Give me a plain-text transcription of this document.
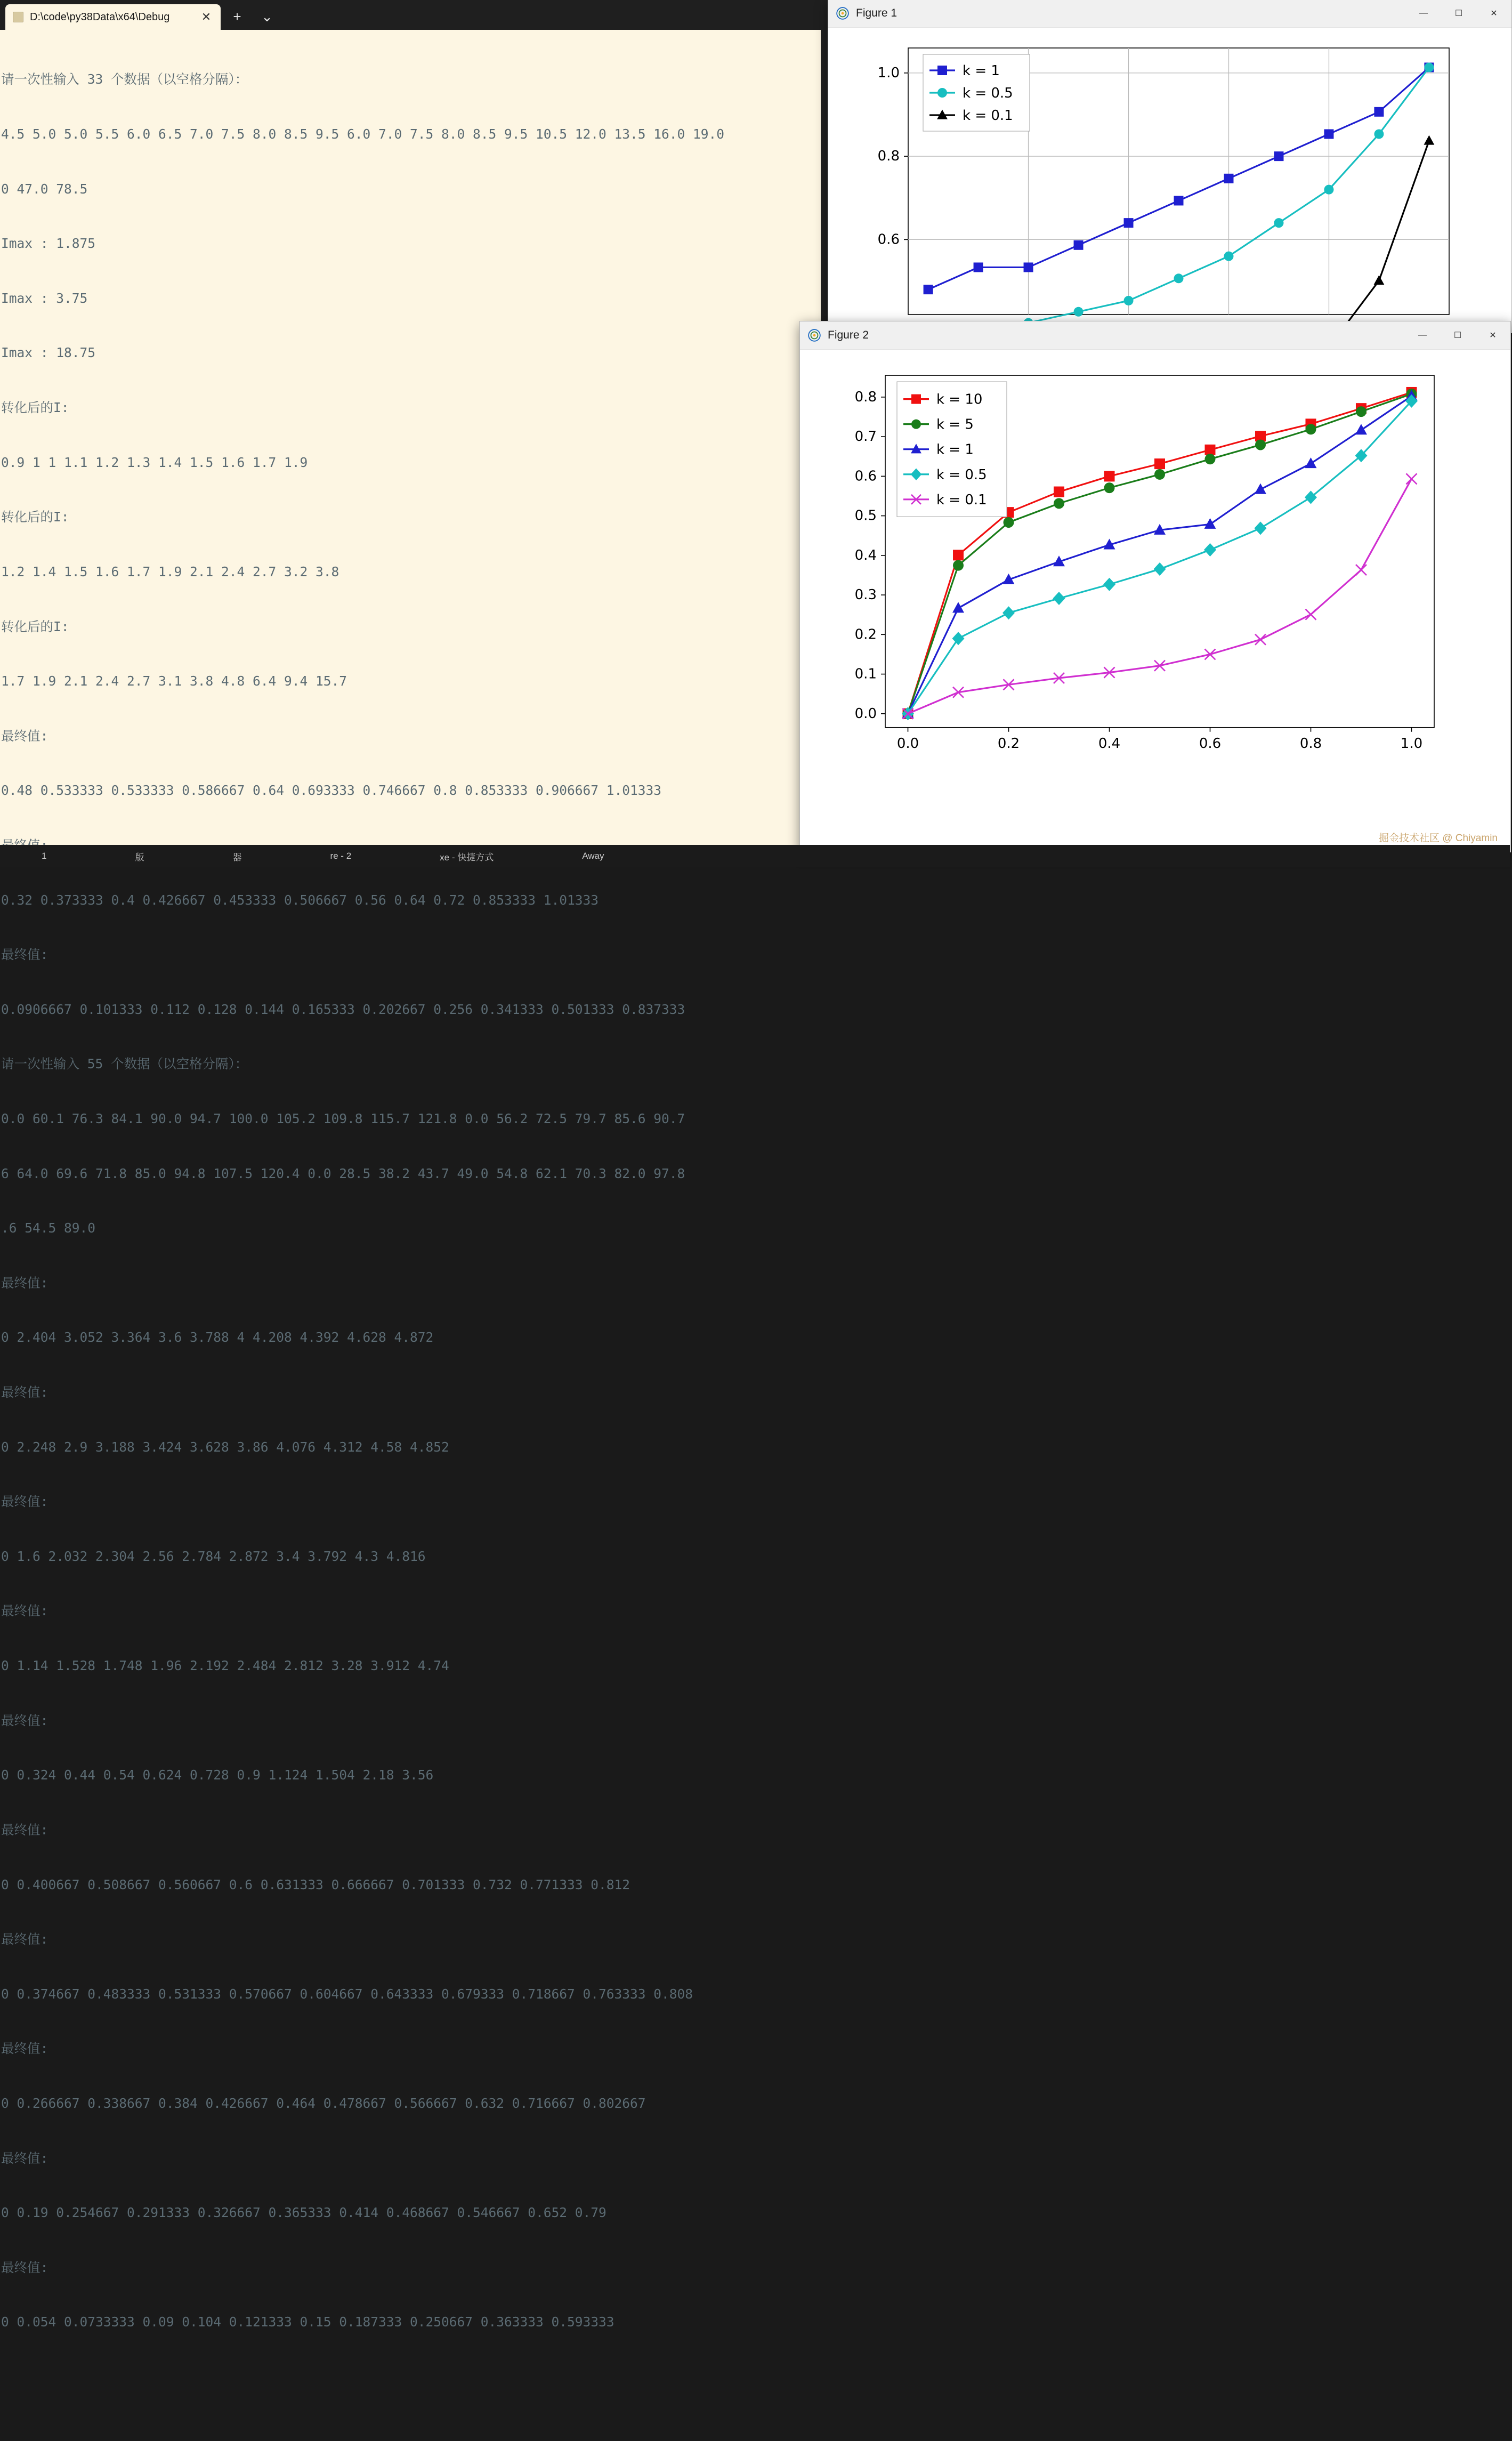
D:\code\py38Data\x64\Debug	✕	+	⌄

请一次性输入 33 个数据（以空格分隔）：

4.5 5.0 5.0 5.5 6.0 6.5 7.0 7.5 8.0 8.5 9.5 6.0 7.0 7.5 8.0 8.5 9.5 10.5 12.0 13.5 16.0 19.0

0 47.0 78.5

Imax : 1.875

Imax : 3.75

Imax : 18.75

转化后的I:

0.9 1 1 1.1 1.2 1.3 1.4 1.5 1.6 1.7 1.9

转化后的I:

1.2 1.4 1.5 1.6 1.7 1.9 2.1 2.4 2.7 3.2 3.8

转化后的I:

1.7 1.9 2.1 2.4 2.7 3.1 3.8 4.8 6.4 9.4 15.7

最终值:

0.48 0.533333 0.533333 0.586667 0.64 0.693333 0.746667 0.8 0.853333 0.906667 1.01333

0.32 0.373333 0.4 0.426667 0.453333 0.506667 0.56 0.64 0.72 0.853333 1.01333

最终值:

0.0906667 0.101333 0.112 0.128 0.144 0.165333 0.202667 0.256 0.341333 0.501333 0.837333

请一次性输入 55 个数据（以空格分隔）：

0.0 60.1 76.3 84.1 90.0 94.7 100.0 105.2 109.8 115.7 121.8 0.0 56.2 72.5 79.7 85.6 90.7

6 64.0 69.6 71.8 85.0 94.8 107.5 120.4 0.0 28.5 38.2 43.7 49.0 54.8 62.1 70.3 82.0 97.8

.6 54.5 89.0

最终值:

0 2.404 3.052 3.364 3.6 3.788 4 4.208 4.392 4.628 4.872

最终值:

0 2.248 2.9 3.188 3.424 3.628 3.86 4.076 4.312 4.58 4.852

最终值:

0 1.6 2.032 2.304 2.56 2.784 2.872 3.4 3.792 4.3 4.816

最终值:

0 1.14 1.528 1.748 1.96 2.192 2.484 2.812 3.28 3.912 4.74

最终值:

0 0.324 0.44 0.54 0.624 0.728 0.9 1.124 1.504 2.18 3.56

最终值:

0 0.400667 0.508667 0.560667 0.6 0.631333 0.666667 0.701333 0.732 0.771333 0.812

最终值:

0 0.374667 0.483333 0.531333 0.570667 0.604667 0.643333 0.679333 0.718667 0.763333 0.808

最终值:

0 0.266667 0.338667 0.384 0.426667 0.464 0.478667 0.566667 0.632 0.716667 0.802667

最终值:

0 0.19 0.254667 0.291333 0.326667 0.365333 0.414 0.468667 0.546667 0.652 0.79

最终值:

0 0.054 0.0733333 0.09 0.104 0.121333 0.15 0.187333 0.250667 0.363333 0.593333

Figure 1	—	☐	✕
0.6
0.8
1.0	k = 1
k = 0.5
k = 0.1
Figure 2	—	☐	✕
0.0
0.1
0.2
0.3
0.4
0.5
0.6
0.7
0.8
0.0	0.2	0.4	0.6	0.8	1.0
k = 10
k = 5
k = 1
k = 0.5
k = 0.1
掘金技术社区 @ Chiyamin
1	版	器	re - 2	xe - 快捷方式	Away
